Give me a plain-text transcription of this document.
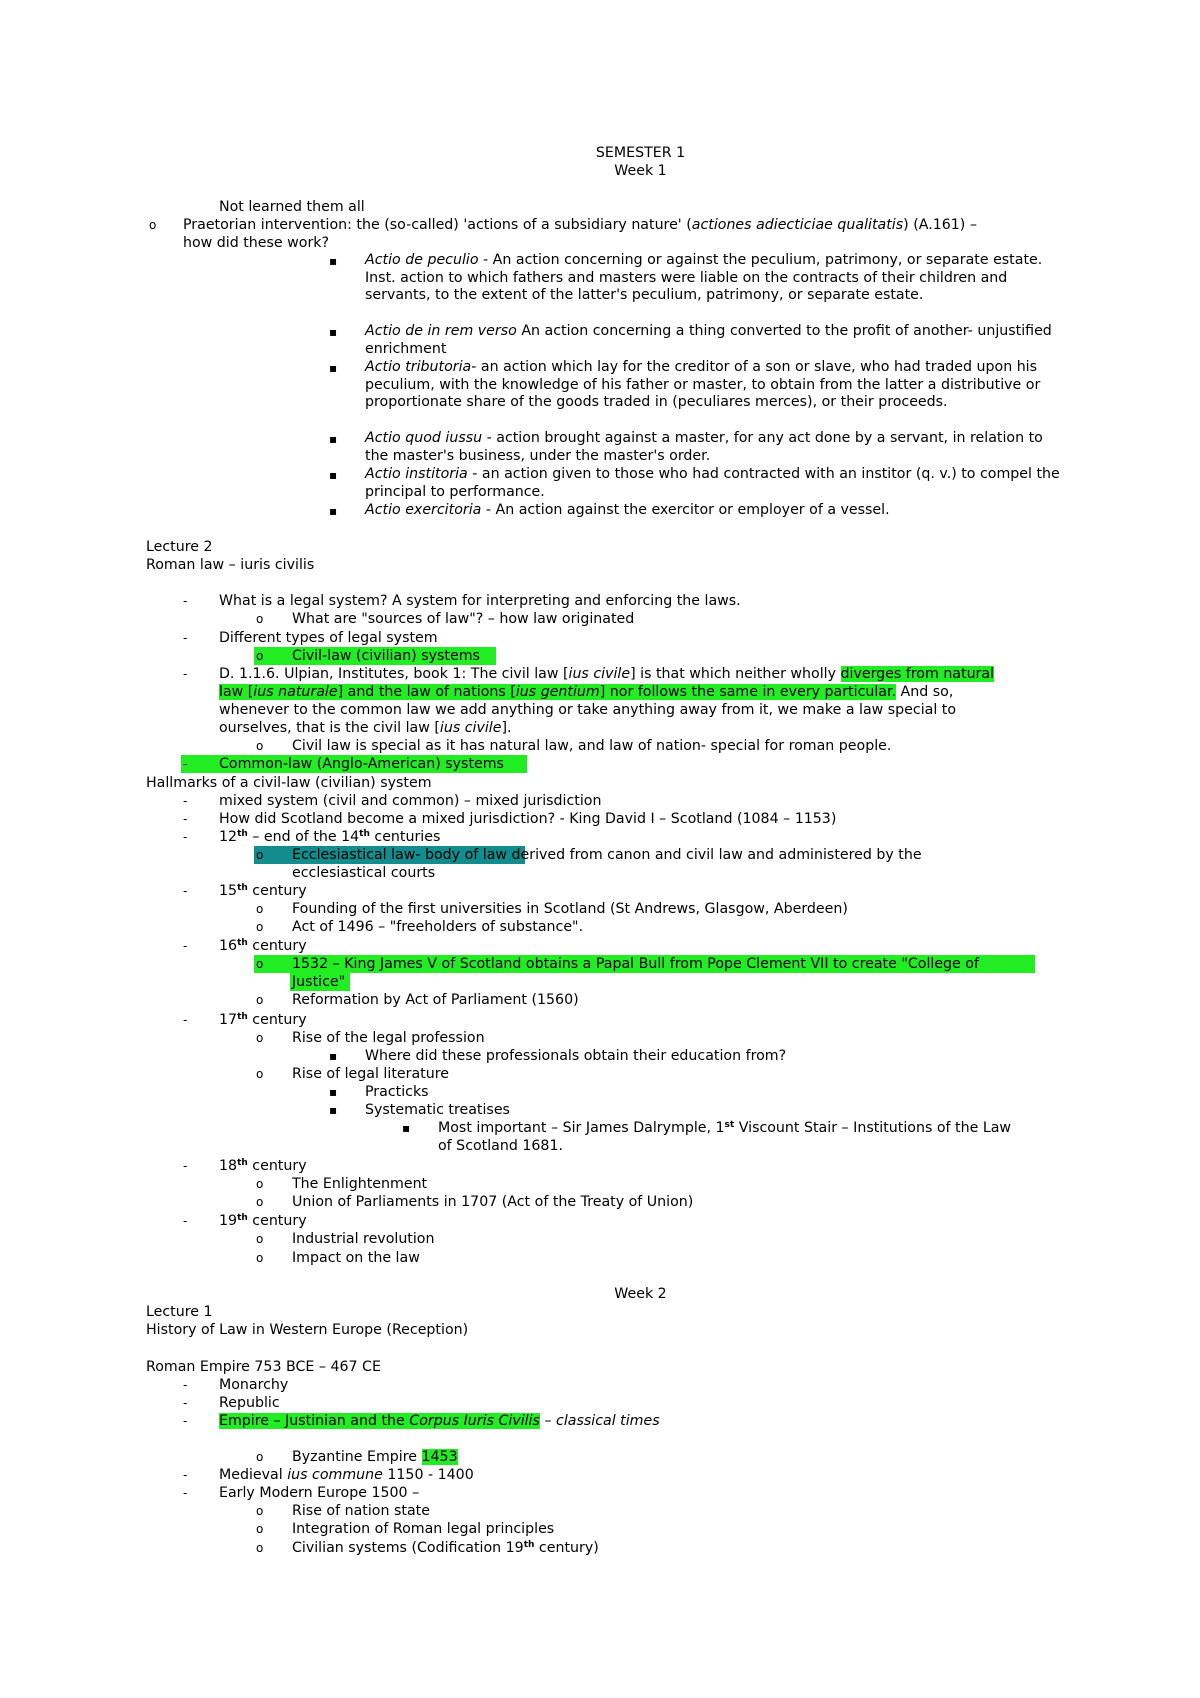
SEMESTER 1
Week 1
Not learned them all
o Praetorian intervention: the (so-called) 'actions of a subsidiary nature' (actiones adiecticiae qualitatis) (A.161) –
how did these work?
▪ Actio de peculio - An action concerning or against the peculium, patrimony, or separate estate. Inst. action to which fathers and masters were liable on the contracts of their children and servants, to the extent of the latter's peculium, patrimony, or separate estate.
▪ Actio de in rem verso An action concerning a thing converted to the profit of another- unjustified enrichment
▪ Actio tributoria- an action which lay for the creditor of a son or slave, who had traded upon his peculium, with the knowledge of his father or master, to obtain from the latter a distributive or proportionate share of the goods traded in (peculiares merces), or their proceeds.
▪ Actio quod iussu - action brought against a master, for any act done by a servant, in relation to the master's business, under the master's order.
▪ Actio institoria - an action given to those who had contracted with an institor (q. v.) to compel the principal to performance.
▪ Actio exercitoria - An action against the exercitor or employer of a vessel.
Lecture 2
Roman law – iuris civilis
- What is a legal system? A system for interpreting and enforcing the laws.
o What are "sources of law"? – how law originated
- Different types of legal system
o Civil-law (civilian) systems
- D. 1.1.6. Ulpian, Institutes, book 1: The civil law [ius civile] is that which neither wholly diverges from natural
law [ius naturale] and the law of nations [ius gentium] nor follows the same in every particular. And so,
whenever to the common law we add anything or take anything away from it, we make a law special to
ourselves, that is the civil law [ius civile].
o Civil law is special as it has natural law, and law of nation- special for roman people.
- Common-law (Anglo-American) systems
Hallmarks of a civil-law (civilian) system
- mixed system (civil and common) – mixed jurisdiction
- How did Scotland become a mixed jurisdiction? - King David I – Scotland (1084 – 1153)
- 12th – end of the 14th centuries
o Ecclesiastical law- body of law derived from canon and civil law and administered by the
ecclesiastical courts
- 15th century
o Founding of the first universities in Scotland (St Andrews, Glasgow, Aberdeen)
o Act of 1496 – "freeholders of substance".
- 16th century
o 1532 – King James V of Scotland obtains a Papal Bull from Pope Clement VII to create "College of
Justice"
o Reformation by Act of Parliament (1560)
- 17th century
o Rise of the legal profession
▪ Where did these professionals obtain their education from?
o Rise of legal literature
▪ Practicks
▪ Systematic treatises
▪ Most important – Sir James Dalrymple, 1st Viscount Stair – Institutions of the Law
of Scotland 1681.
- 18th century
o The Enlightenment
o Union of Parliaments in 1707 (Act of the Treaty of Union)
- 19th century
o Industrial revolution
o Impact on the law
Week 2
Lecture 1
History of Law in Western Europe (Reception)
Roman Empire 753 BCE – 467 CE
- Monarchy
- Republic
- Empire – Justinian and the Corpus Iuris Civilis – classical times
o Byzantine Empire 1453
- Medieval ius commune 1150 - 1400
- Early Modern Europe 1500 –
o Rise of nation state
o Integration of Roman legal principles
o Civilian systems (Codification 19th century)
